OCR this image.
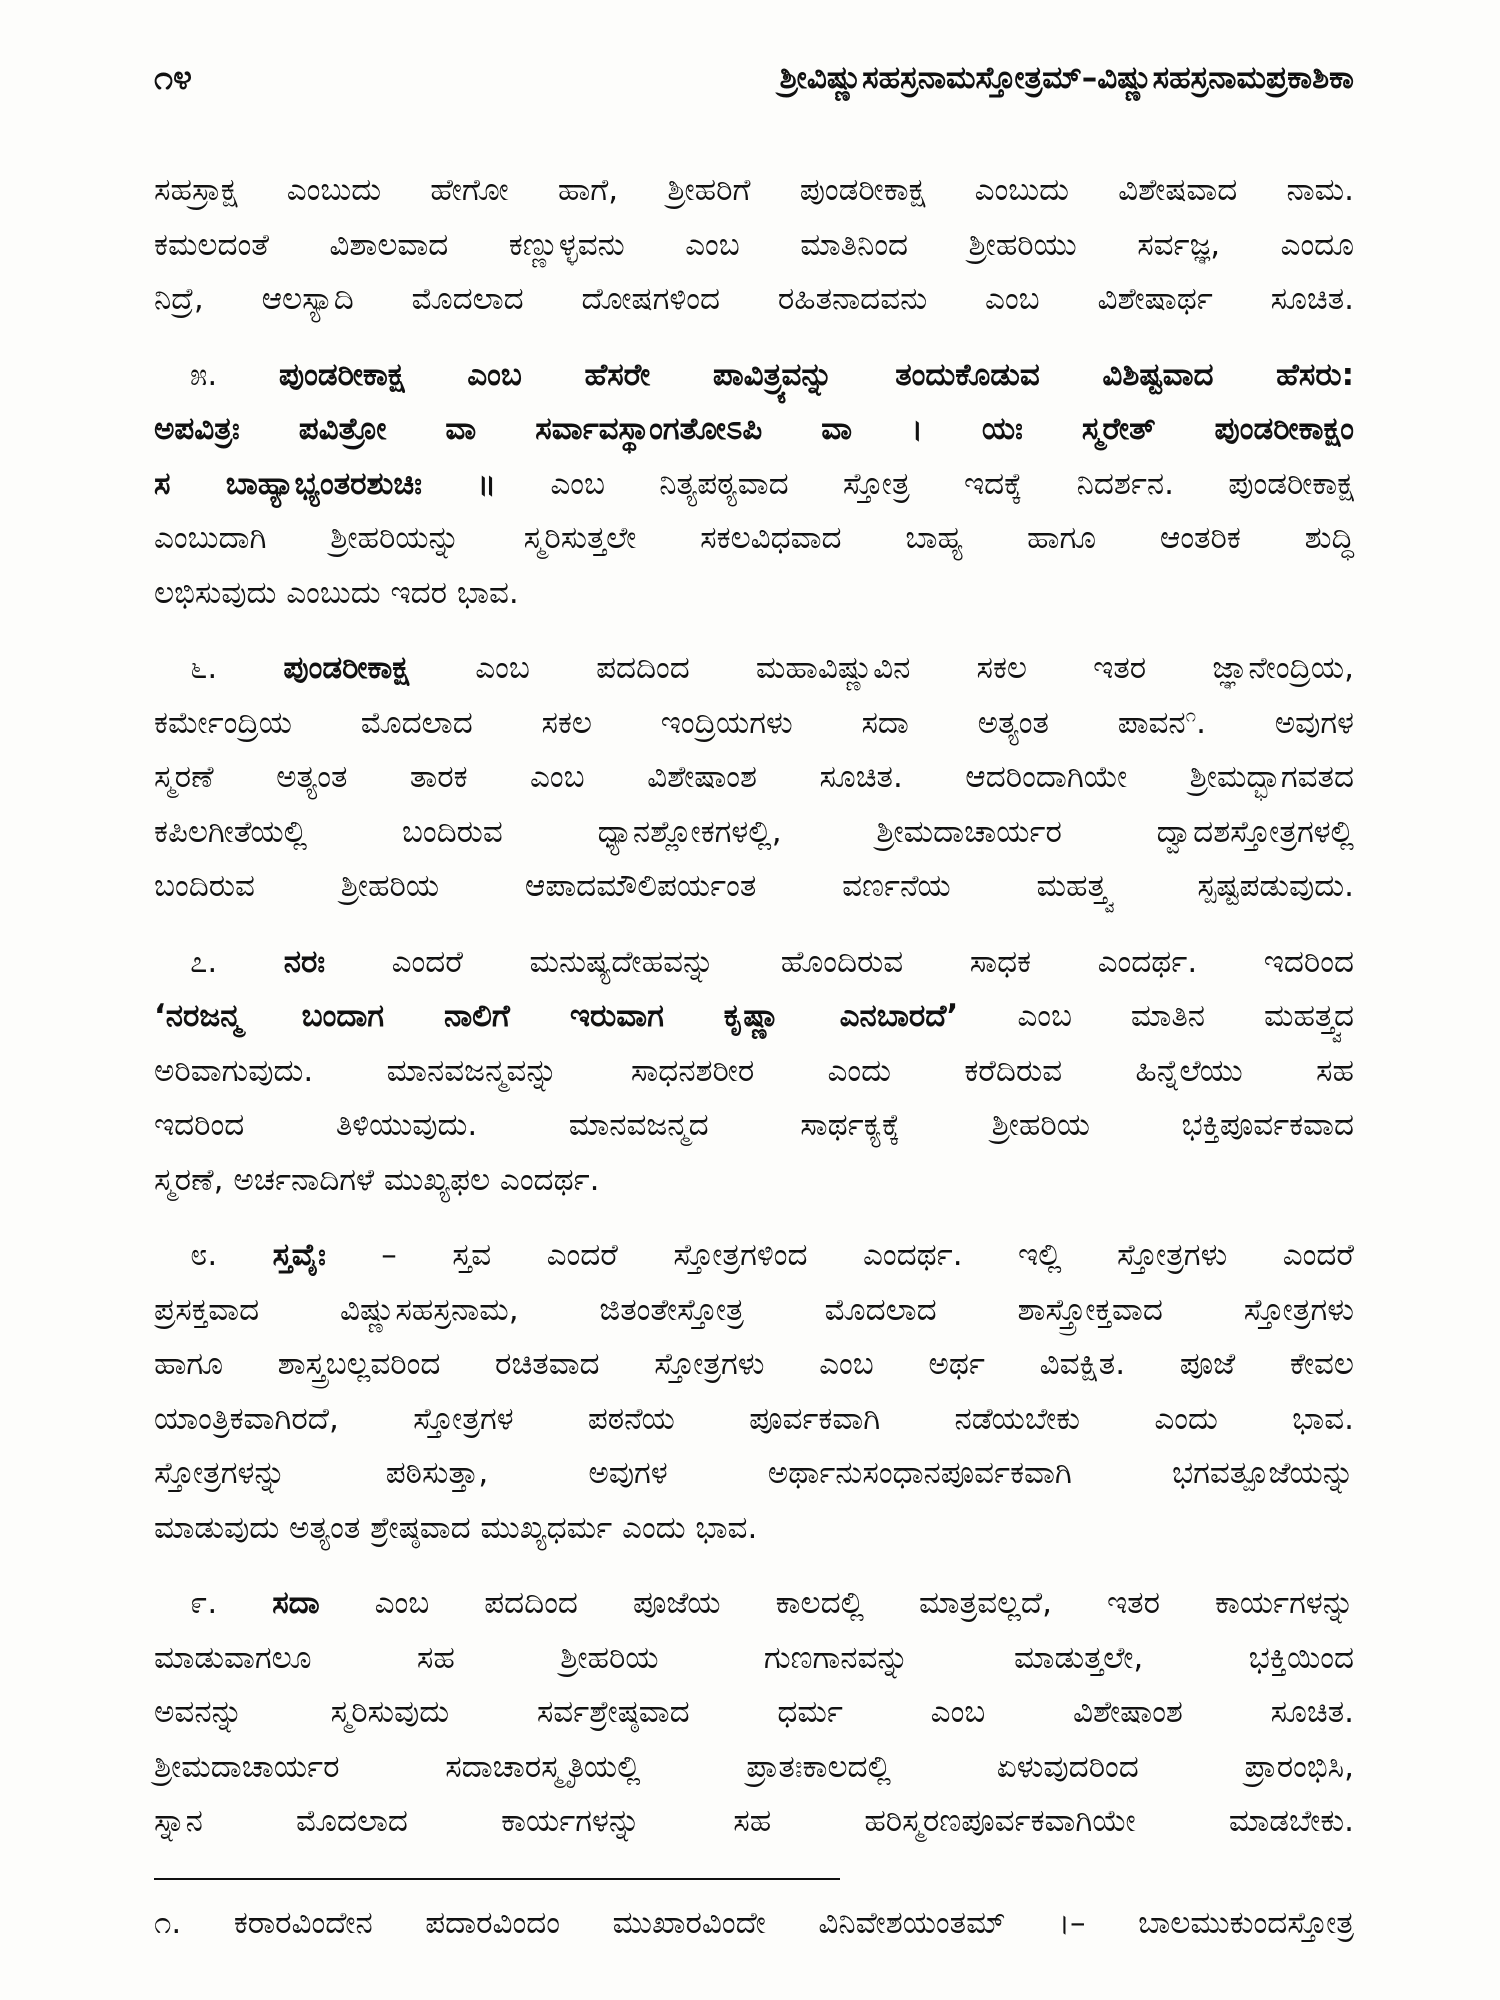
೧೪	ಶ್ರೀವಿಷ್ಣುಸಹಸ್ರನಾಮಸ್ತೋತ್ರಮ್–ವಿಷ್ಣುಸಹಸ್ರನಾಮಪ್ರಕಾಶಿಕಾ
ಸಹಸ್ರಾಕ್ಷ ಎಂಬುದು ಹೇಗೋ ಹಾಗೆ, ಶ್ರೀಹರಿಗೆ ಪುಂಡರೀಕಾಕ್ಷ ಎಂಬುದು ವಿಶೇಷವಾದ ನಾಮ.
ಕಮಲದಂತೆ ವಿಶಾಲವಾದ ಕಣ್ಣುಳ್ಳವನು ಎಂಬ ಮಾತಿನಿಂದ ಶ್ರೀಹರಿಯು ಸರ್ವಜ್ಞ, ಎಂದೂ
ನಿದ್ರೆ, ಆಲಸ್ಯಾದಿ ಮೊದಲಾದ ದೋಷಗಳಿಂದ ರಹಿತನಾದವನು ಎಂಬ ವಿಶೇಷಾರ್ಥ ಸೂಚಿತ.
೫. ಪುಂಡರೀಕಾಕ್ಷ ಎಂಬ ಹೆಸರೇ ಪಾವಿತ್ರ್ಯವನ್ನು ತಂದುಕೊಡುವ ವಿಶಿಷ್ಟವಾದ ಹೆಸರು:
ಅಪವಿತ್ರಃ ಪವಿತ್ರೋ ವಾ ಸರ್ವಾವಸ್ಥಾಂಗತೋಽಪಿ ವಾ । ಯಃ ಸ್ಮರೇತ್ ಪುಂಡರೀಕಾಕ್ಷಂ
ಸ ಬಾಹ್ಯಾಭ್ಯಂತರಶುಚಿಃ ॥ ಎಂಬ ನಿತ್ಯಪಠ್ಯವಾದ ಸ್ತೋತ್ರ ಇದಕ್ಕೆ ನಿದರ್ಶನ. ಪುಂಡರೀಕಾಕ್ಷ
ಎಂಬುದಾಗಿ ಶ್ರೀಹರಿಯನ್ನು ಸ್ಮರಿಸುತ್ತಲೇ ಸಕಲವಿಧವಾದ ಬಾಹ್ಯ ಹಾಗೂ ಆಂತರಿಕ ಶುದ್ಧಿ
ಲಭಿಸುವುದು ಎಂಬುದು ಇದರ ಭಾವ.
೬. ಪುಂಡರೀಕಾಕ್ಷ ಎಂಬ ಪದದಿಂದ ಮಹಾವಿಷ್ಣುವಿನ ಸಕಲ ಇತರ ಜ್ಞಾನೇಂದ್ರಿಯ,
ಕರ್ಮೇಂದ್ರಿಯ ಮೊದಲಾದ ಸಕಲ ಇಂದ್ರಿಯಗಳು ಸದಾ ಅತ್ಯಂತ ಪಾವನ$^೧$. ಅವುಗಳ
ಸ್ಮರಣೆ ಅತ್ಯಂತ ತಾರಕ ಎಂಬ ವಿಶೇಷಾಂಶ ಸೂಚಿತ. ಆದರಿಂದಾಗಿಯೇ ಶ್ರೀಮದ್ಭಾಗವತದ
ಕಪಿಲಗೀತೆಯಲ್ಲಿ ಬಂದಿರುವ ಧ್ಯಾನಶ್ಲೋಕಗಳಲ್ಲಿ, ಶ್ರೀಮದಾಚಾರ್ಯರ ದ್ವಾದಶಸ್ತೋತ್ರಗಳಲ್ಲಿ
ಬಂದಿರುವ ಶ್ರೀಹರಿಯ ಆಪಾದಮೌಲಿಪರ್ಯಂತ ವರ್ಣನೆಯ ಮಹತ್ತ್ವ ಸ್ಪಷ್ಟಪಡುವುದು.
೭. ನರಃ ಎಂದರೆ ಮನುಷ್ಯದೇಹವನ್ನು ಹೊಂದಿರುವ ಸಾಧಕ ಎಂದರ್ಥ. ಇದರಿಂದ
‘ನರಜನ್ಮ ಬಂದಾಗ ನಾಲಿಗೆ ಇರುವಾಗ ಕೃಷ್ಣಾ ಎನಬಾರದೆ’ ಎಂಬ ಮಾತಿನ ಮಹತ್ತ್ವದ
ಅರಿವಾಗುವುದು. ಮಾನವಜನ್ಮವನ್ನು ಸಾಧನಶರೀರ ಎಂದು ಕರೆದಿರುವ ಹಿನ್ನೆಲೆಯು ಸಹ
ಇದರಿಂದ ತಿಳಿಯುವುದು. ಮಾನವಜನ್ಮದ ಸಾರ್ಥಕ್ಯಕ್ಕೆ ಶ್ರೀಹರಿಯ ಭಕ್ತಿಪೂರ್ವಕವಾದ
ಸ್ಮರಣೆ, ಅರ್ಚನಾದಿಗಳೆ ಮುಖ್ಯಫಲ ಎಂದರ್ಥ.
೮. ಸ್ತವೈಃ – ಸ್ತವ ಎಂದರೆ ಸ್ತೋತ್ರಗಳಿಂದ ಎಂದರ್ಥ. ಇಲ್ಲಿ ಸ್ತೋತ್ರಗಳು ಎಂದರೆ
ಪ್ರಸಕ್ತವಾದ ವಿಷ್ಣುಸಹಸ್ರನಾಮ, ಜಿತಂತೇಸ್ತೋತ್ರ ಮೊದಲಾದ ಶಾಸ್ತ್ರೋಕ್ತವಾದ ಸ್ತೋತ್ರಗಳು
ಹಾಗೂ ಶಾಸ್ತ್ರಬಲ್ಲವರಿಂದ ರಚಿತವಾದ ಸ್ತೋತ್ರಗಳು ಎಂಬ ಅರ್ಥ ವಿವಕ್ಷಿತ. ಪೂಜೆ ಕೇವಲ
ಯಾಂತ್ರಿಕವಾಗಿರದೆ, ಸ್ತೋತ್ರಗಳ ಪಠನೆಯ ಪೂರ್ವಕವಾಗಿ ನಡೆಯಬೇಕು ಎಂದು ಭಾವ.
ಸ್ತೋತ್ರಗಳನ್ನು ಪಠಿಸುತ್ತಾ, ಅವುಗಳ ಅರ್ಥಾನುಸಂಧಾನಪೂರ್ವಕವಾಗಿ ಭಗವತ್ಪೂಜೆಯನ್ನು
ಮಾಡುವುದು ಅತ್ಯಂತ ಶ್ರೇಷ್ಠವಾದ ಮುಖ್ಯಧರ್ಮ ಎಂದು ಭಾವ.
೯. ಸದಾ ಎಂಬ ಪದದಿಂದ ಪೂಜೆಯ ಕಾಲದಲ್ಲಿ ಮಾತ್ರವಲ್ಲದೆ, ಇತರ ಕಾರ್ಯಗಳನ್ನು
ಮಾಡುವಾಗಲೂ ಸಹ ಶ್ರೀಹರಿಯ ಗುಣಗಾನವನ್ನು ಮಾಡುತ್ತಲೇ, ಭಕ್ತಿಯಿಂದ
ಅವನನ್ನು ಸ್ಮರಿಸುವುದು ಸರ್ವಶ್ರೇಷ್ಠವಾದ ಧರ್ಮ ಎಂಬ ವಿಶೇಷಾಂಶ ಸೂಚಿತ.
ಶ್ರೀಮದಾಚಾರ್ಯರ ಸದಾಚಾರಸ್ಮೃತಿಯಲ್ಲಿ ಪ್ರಾತಃಕಾಲದಲ್ಲಿ ಏಳುವುದರಿಂದ ಪ್ರಾರಂಭಿಸಿ,
ಸ್ನಾನ ಮೊದಲಾದ ಕಾರ್ಯಗಳನ್ನು ಸಹ ಹರಿಸ್ಮರಣಪೂರ್ವಕವಾಗಿಯೇ ಮಾಡಬೇಕು.
೧. ಕರಾರವಿಂದೇನ ಪದಾರವಿಂದಂ ಮುಖಾರವಿಂದೇ ವಿನಿವೇಶಯಂತಮ್ ।– ಬಾಲಮುಕುಂದಸ್ತೋತ್ರ
